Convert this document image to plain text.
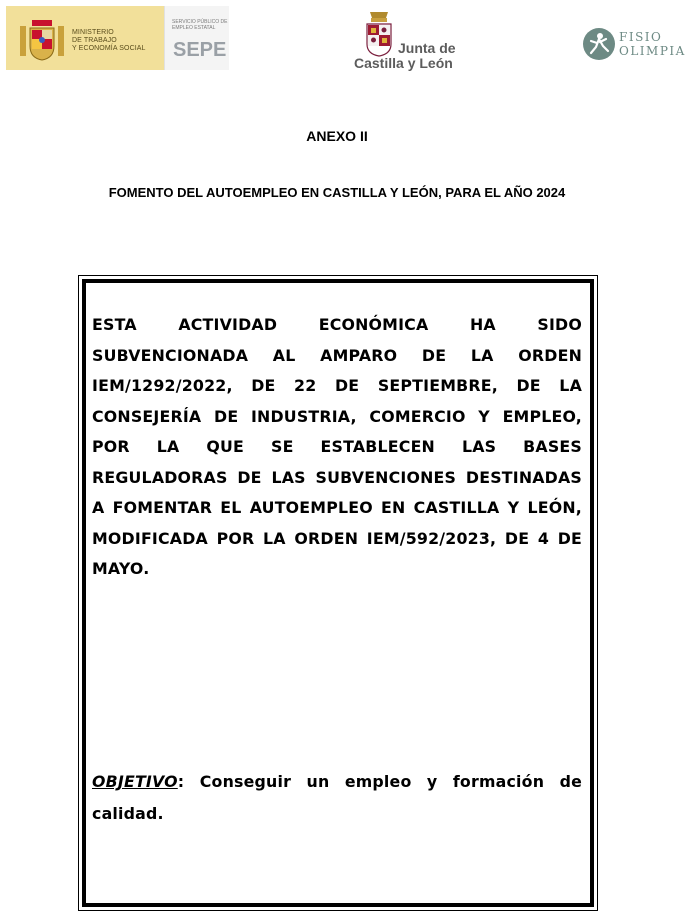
MINISTERIO
DE TRABAJO
Y ECONOMÍA SOCIAL
SERVICIO PÚBLICO DE EMPLEO ESTATAL
SEPE	Junta de
Castilla y León
FISIO
OLIMPIA
ANEXO II
FOMENTO DEL AUTOEMPLEO EN CASTILLA Y LEÓN, PARA EL AÑO 2024
ESTA ACTIVIDAD ECONÓMICA HA SIDO SUBVENCIONADA AL AMPARO DE LA ORDEN IEM/1292/2022, DE 22 DE SEPTIEMBRE, DE LA CONSEJERÍA DE INDUSTRIA, COMERCIO Y EMPLEO, POR LA QUE SE ESTABLECEN LAS BASES REGULADORAS DE LAS SUBVENCIONES DESTINADAS A FOMENTAR EL AUTOEMPLEO EN CASTILLA Y LEÓN, MODIFICADA POR LA ORDEN IEM/592/2023, DE 4 DE MAYO.
OBJETIVO: Conseguir un empleo y formación de calidad.
